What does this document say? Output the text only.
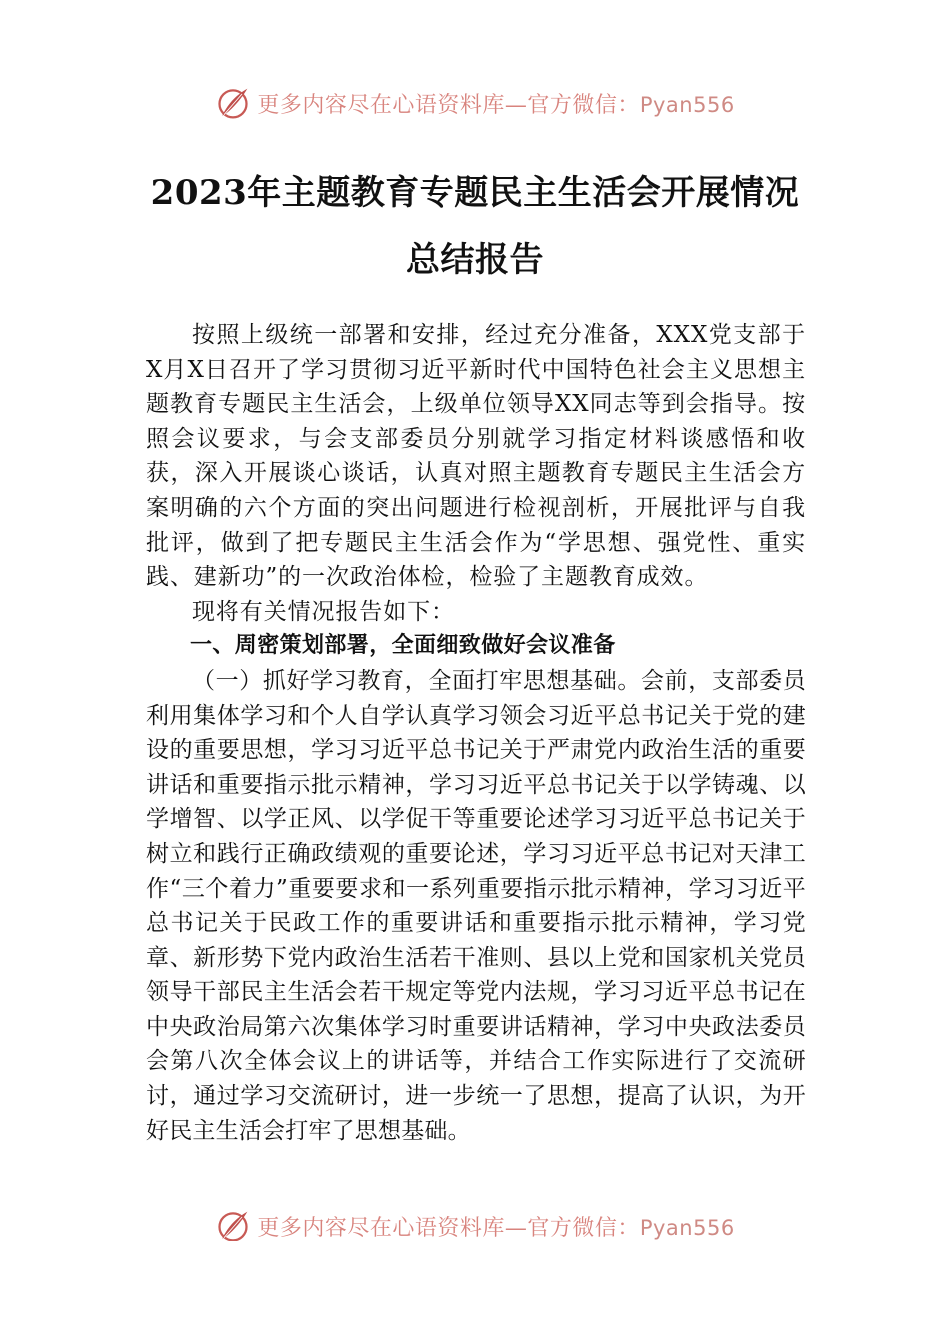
更多内容尽在心语资料库—官方微信：Pyan556
2023年主题教育专题民主生活会开展情况
总结报告

按照上级统一部署和安排，经过充分准备，XXX党支部于X月X日召开了学习贯彻习近平新时代中国特色社会主义思想主题教育专题民主生活会，上级单位领导XX同志等到会指导。按照会议要求，与会支部委员分别就学习指定材料谈感悟和收获，深入开展谈心谈话，认真对照主题教育专题民主生活会方案明确的六个方面的突出问题进行检视剖析，开展批评与自我批评，做到了把专题民主生活会作为“学思想、强党性、重实践、建新功”的一次政治体检，检验了主题教育成效。

现将有关情况报告如下：

一、周密策划部署，全面细致做好会议准备

（一）抓好学习教育，全面打牢思想基础。会前，支部委员利用集体学习和个人自学认真学习领会习近平总书记关于党的建设的重要思想，学习习近平总书记关于严肃党内政治生活的重要讲话和重要指示批示精神，学习习近平总书记关于以学铸魂、以学增智、以学正风、以学促干等重要论述学习习近平总书记关于树立和践行正确政绩观的重要论述，学习习近平总书记对天津工作“三个着力”重要要求和一系列重要指示批示精神，学习习近平总书记关于民政工作的重要讲话和重要指示批示精神，学习党章、新形势下党内政治生活若干准则、县以上党和国家机关党员领导干部民主生活会若干规定等党内法规，学习习近平总书记在中央政治局第六次集体学习时重要讲话精神，学习中央政法委员会第八次全体会议上的讲话等，并结合工作实际进行了交流研讨，通过学习交流研讨，进一步统一了思想，提高了认识，为开好民主生活会打牢了思想基础。

更多内容尽在心语资料库—官方微信：Pyan556
